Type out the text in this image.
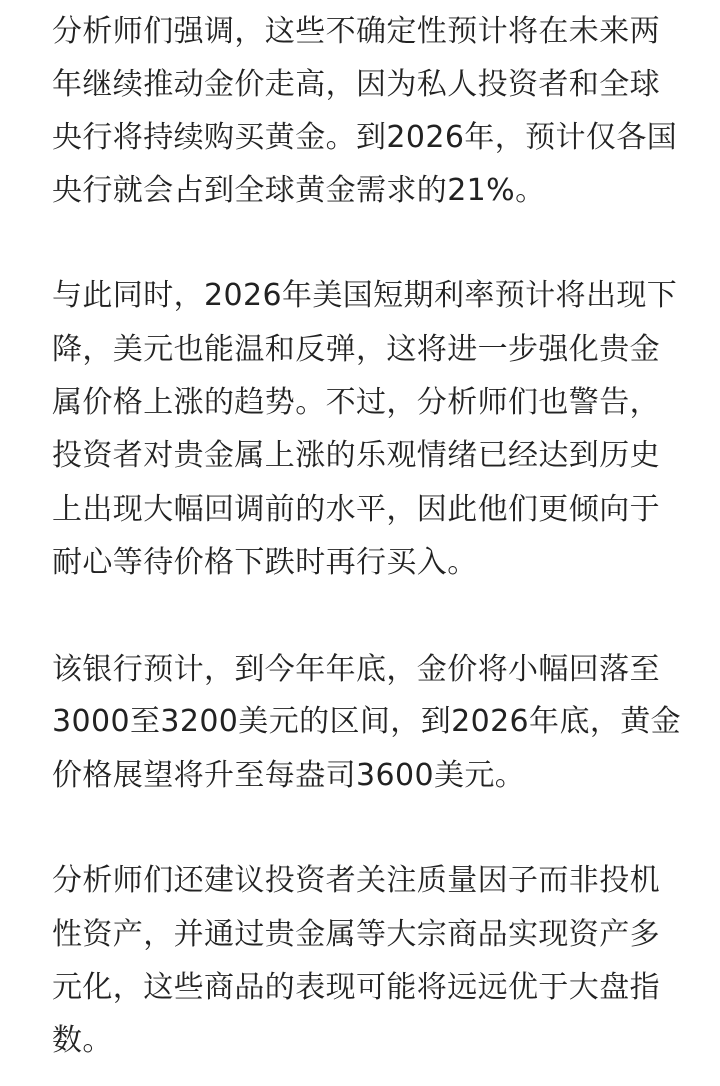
分析师们强调，这些不确定性预计将在未来两
年继续推动金价走高，因为私人投资者和全球
央行将持续购买黄金。到2026年，预计仅各国
央行就会占到全球黄金需求的21%。
与此同时，2026年美国短期利率预计将出现下
降，美元也能温和反弹，这将进一步强化贵金
属价格上涨的趋势。不过，分析师们也警告，
投资者对贵金属上涨的乐观情绪已经达到历史
上出现大幅回调前的水平，因此他们更倾向于
耐心等待价格下跌时再行买入。
该银行预计，到今年年底，金价将小幅回落至
3000至3200美元的区间，到2026年底，黄金
价格展望将升至每盎司3600美元。
分析师们还建议投资者关注质量因子而非投机
性资产，并通过贵金属等大宗商品实现资产多
元化，这些商品的表现可能将远远优于大盘指
数。
